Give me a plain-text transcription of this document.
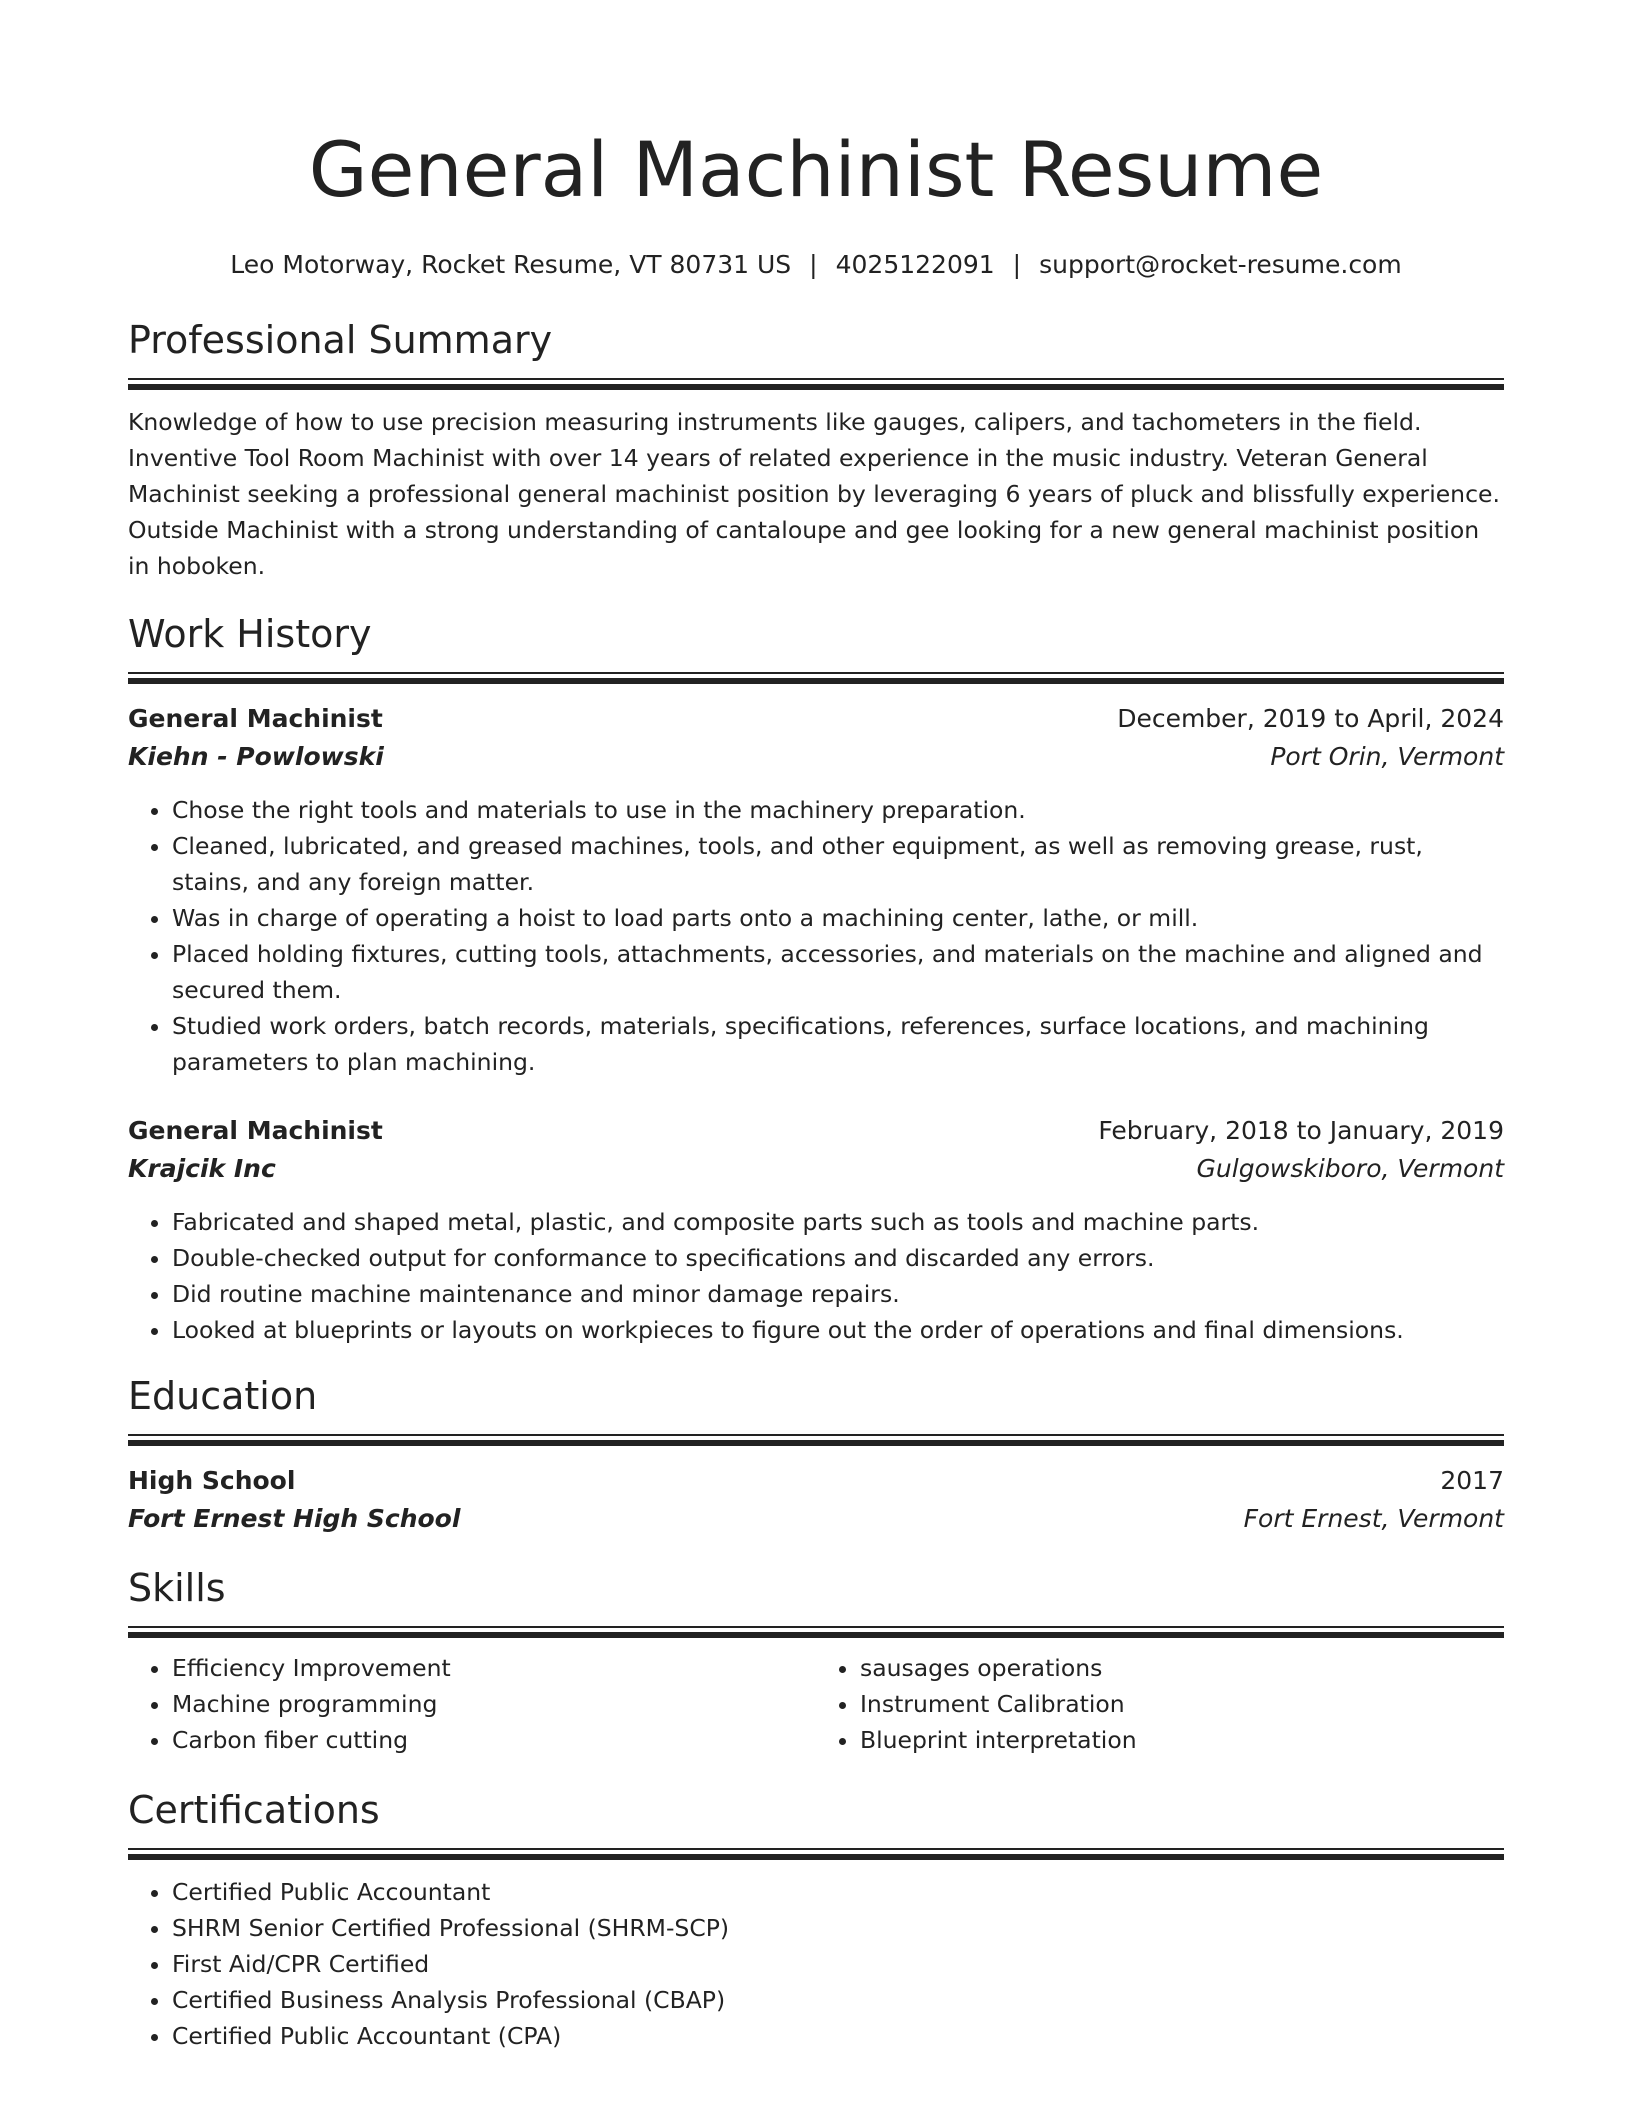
General Machinist Resume
Leo Motorway, Rocket Resume, VT 80731 US | 4025122091 | support@rocket-resume.com
Professional Summary

Knowledge of how to use precision measuring instruments like gauges, calipers, and tachometers in the field. Inventive Tool Room Machinist with over 14 years of related experience in the music industry. Veteran General Machinist seeking a professional general machinist position by leveraging 6 years of pluck and blissfully experience. Outside Machinist with a strong understanding of cantaloupe and gee looking for a new general machinist position in hoboken.

Work History
General Machinist	December, 2019 to April, 2024
Kiehn - Powlowski	Port Orin, Vermont
• Chose the right tools and materials to use in the machinery preparation.
• Cleaned, lubricated, and greased machines, tools, and other equipment, as well as removing grease, rust, stains, and any foreign matter.
• Was in charge of operating a hoist to load parts onto a machining center, lathe, or mill.
• Placed holding fixtures, cutting tools, attachments, accessories, and materials on the machine and aligned and secured them.
• Studied work orders, batch records, materials, specifications, references, surface locations, and machining parameters to plan machining.
General Machinist	February, 2018 to January, 2019
Krajcik Inc	Gulgowskiboro, Vermont
• Fabricated and shaped metal, plastic, and composite parts such as tools and machine parts.
• Double-checked output for conformance to specifications and discarded any errors.
• Did routine machine maintenance and minor damage repairs.
• Looked at blueprints or layouts on workpieces to figure out the order of operations and final dimensions.
Education
High School	2017
Fort Ernest High School	Fort Ernest, Vermont
Skills
• Efficiency Improvement
• Machine programming
• Carbon fiber cutting
• sausages operations
• Instrument Calibration
• Blueprint interpretation
Certifications
• Certified Public Accountant
• SHRM Senior Certified Professional (SHRM-SCP)
• First Aid/CPR Certified
• Certified Business Analysis Professional (CBAP)
• Certified Public Accountant (CPA)
